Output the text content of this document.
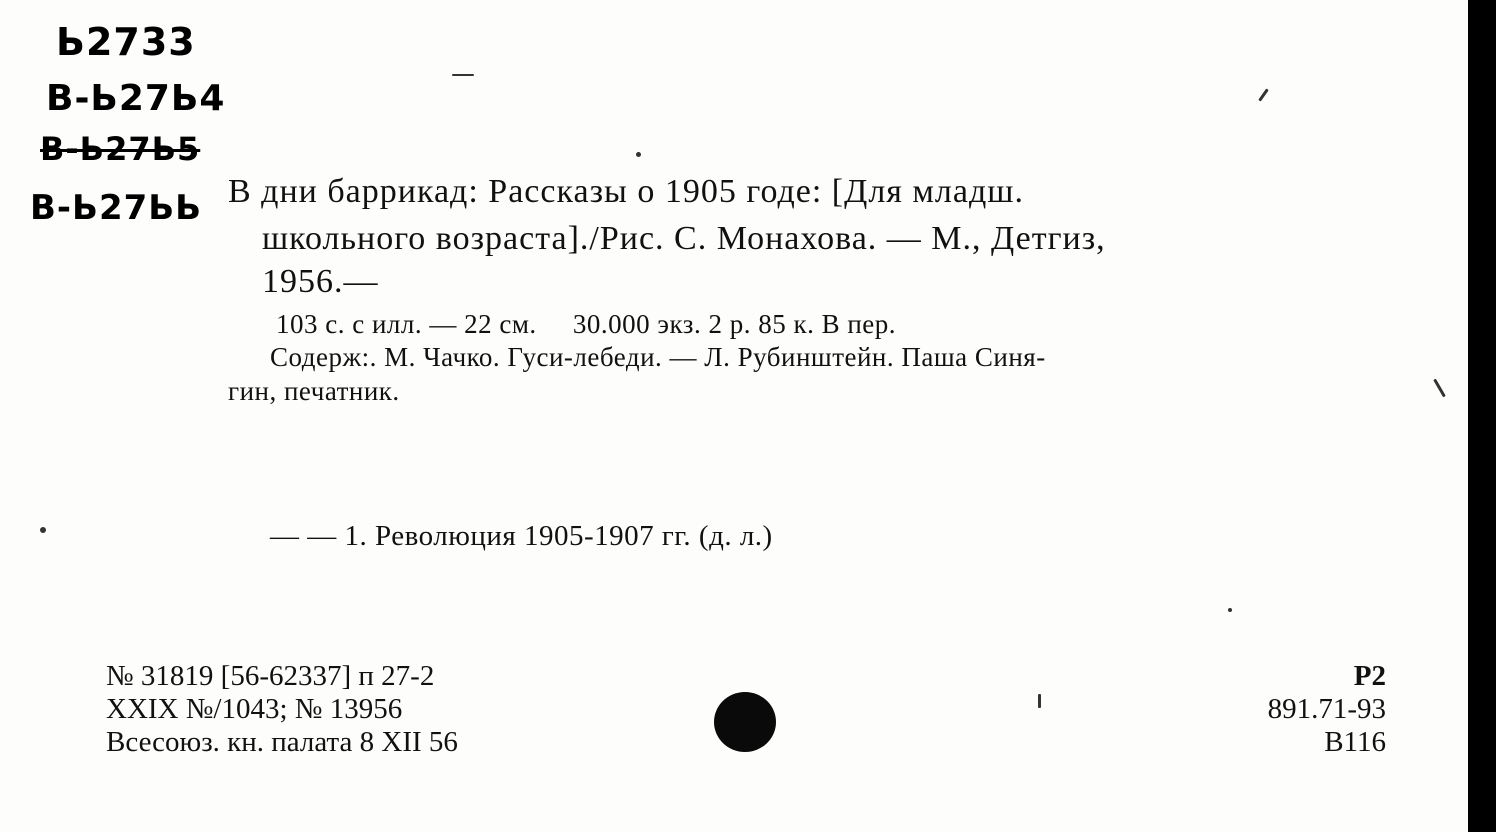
Ь2733
В-Ь27Ь4
В-Ь27Ь5
В-Ь27ЬЬ В дни баррикад: Рассказы о 1905 годе: [Для младш.
школьного возраста]./Рис. С. Монахова. — М., Детгиз,
1956.—
103 с. с илл. — 22 см.     30.000 экз. 2 р. 85 к. В пер.
Содерж:. М. Чачко. Гуси-лебеди. — Л. Рубинштейн. Паша Синя-
гин, печатник.
— — 1. Революция 1905-1907 гг. (д. л.)
№ 31819 [56-62337] п 27-2
XXIX №/1043; № 13956
Всесоюз. кн. палата 8 XII 56
Р2
891.71-93
В116
